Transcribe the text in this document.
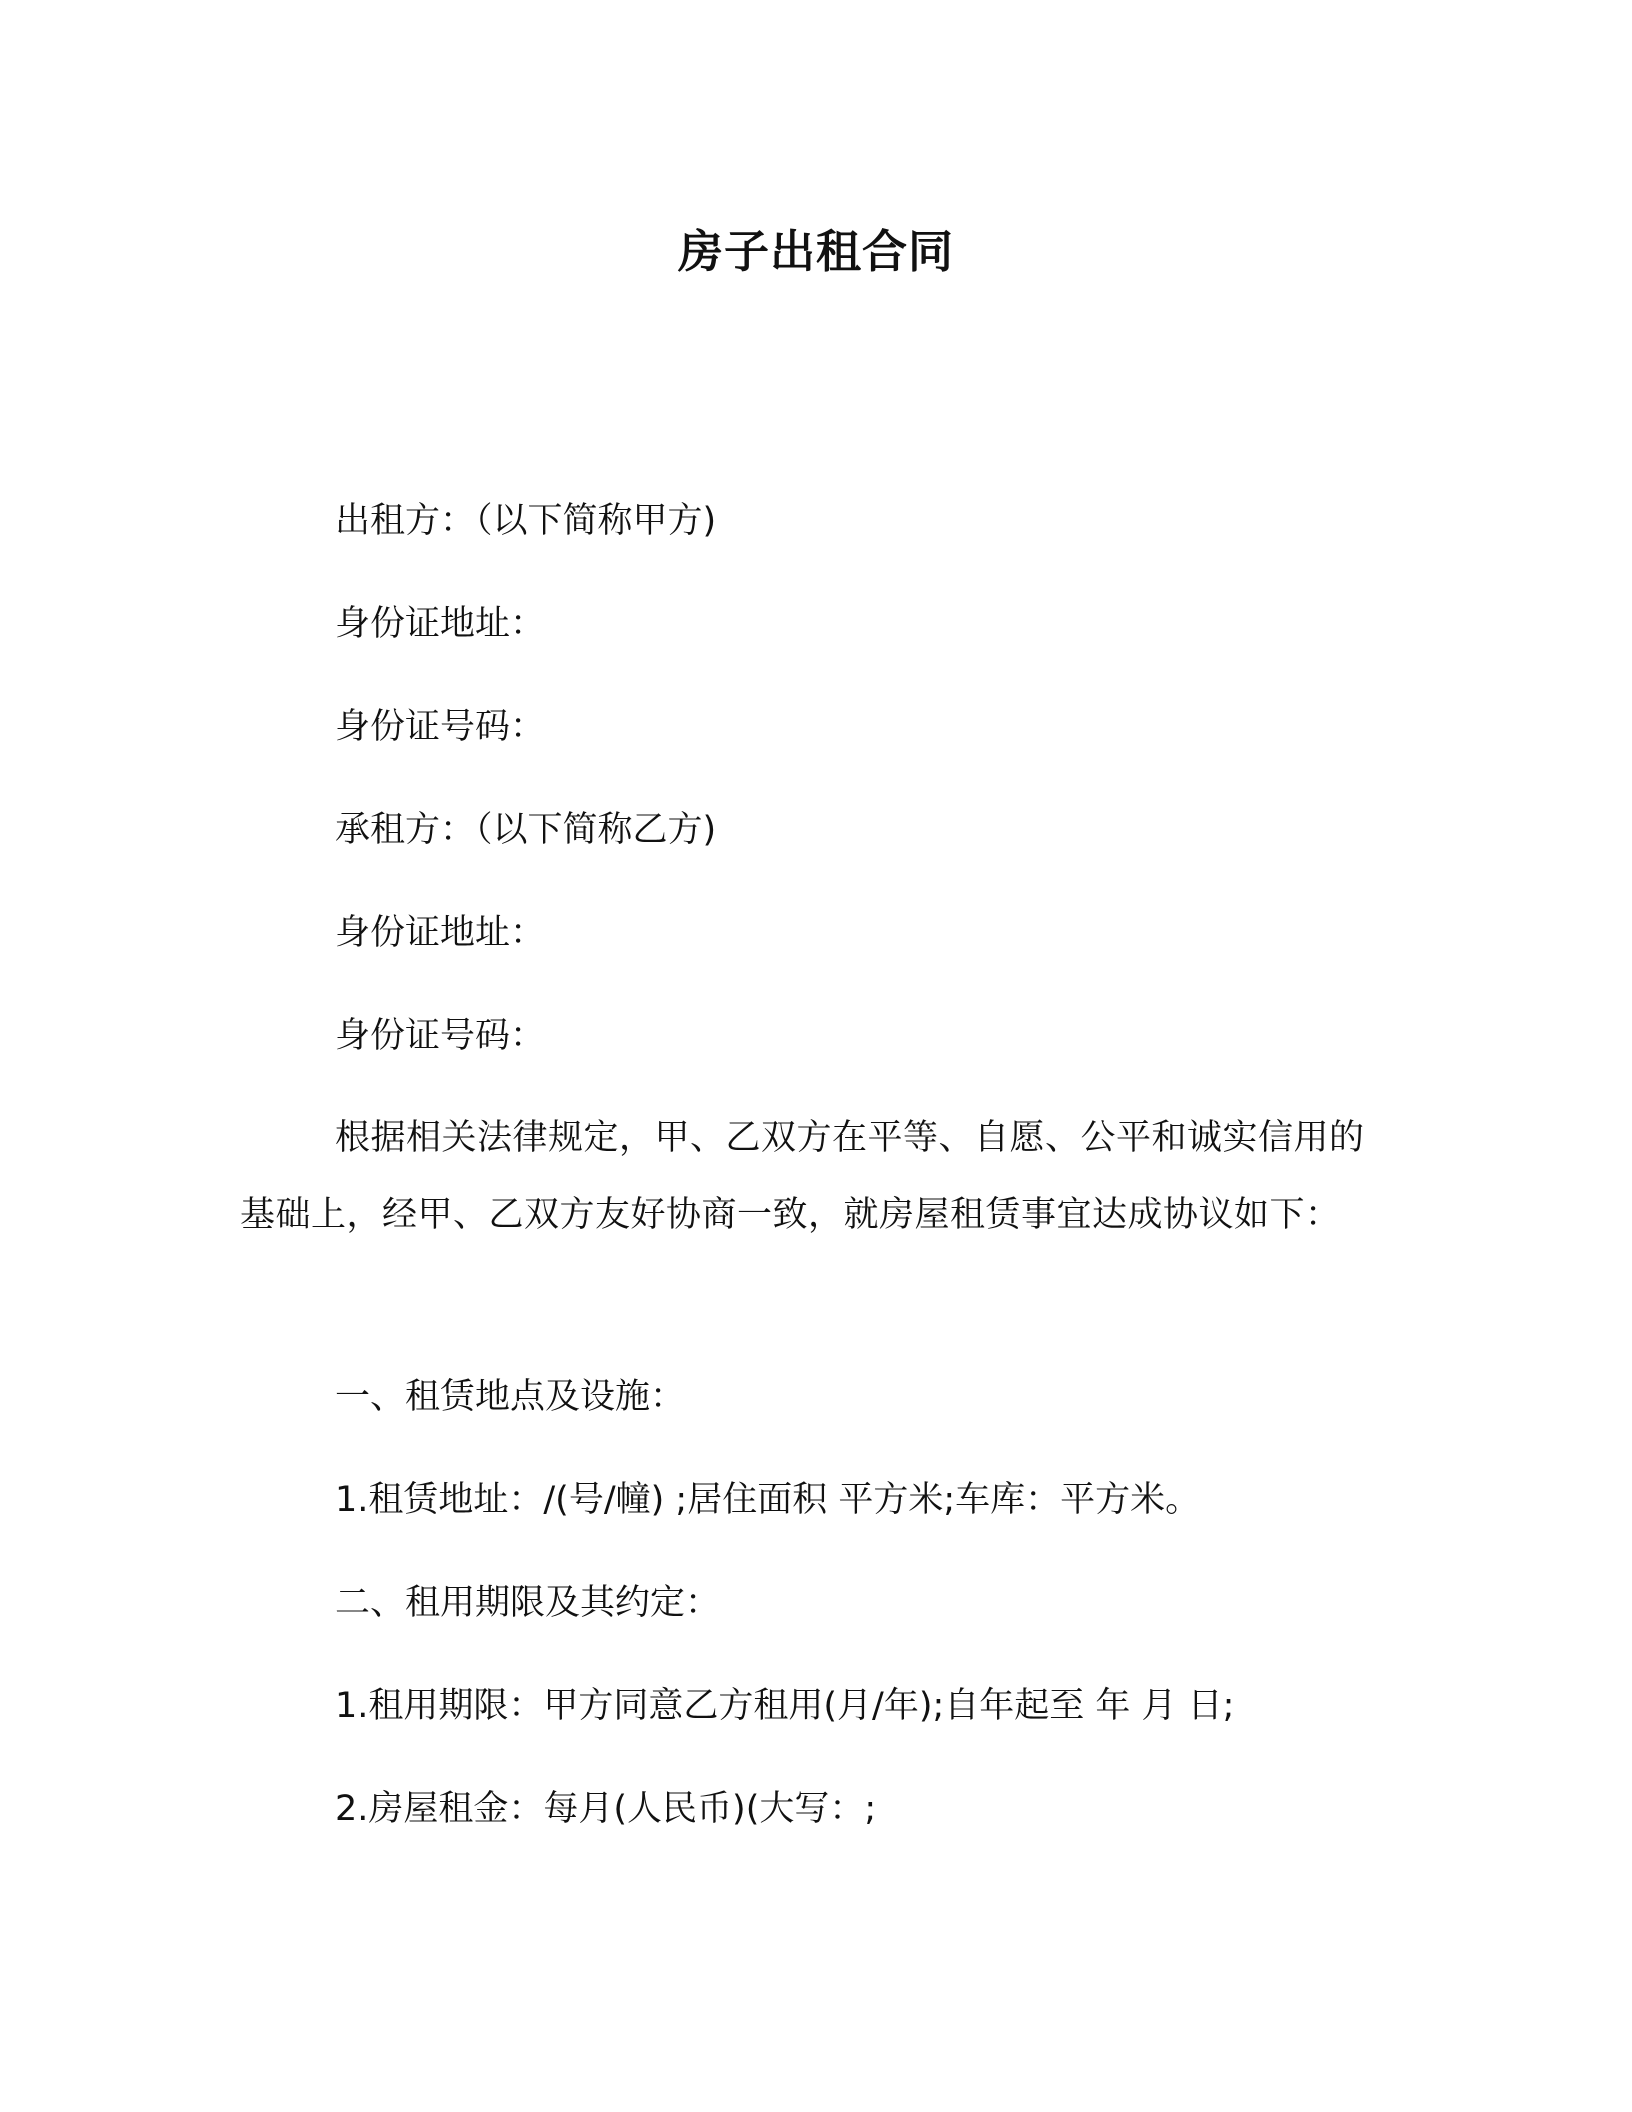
房子出租合同

出租方：（以下简称甲方)

身份证地址：

身份证号码：

承租方：（以下简称乙方)

身份证地址：

身份证号码：

根据相关法律规定，甲、乙双方在平等、自愿、公平和诚实信用的基础上，经甲、乙双方友好协商一致，就房屋租赁事宜达成协议如下：

一、租赁地点及设施：

1.租赁地址：/(号/幢) ;居住面积 平方米;车库：平方米。

二、租用期限及其约定：

1.租用期限：甲方同意乙方租用(月/年);自年起至 年 月 日;

2.房屋租金：每月(人民币)(大写：;
